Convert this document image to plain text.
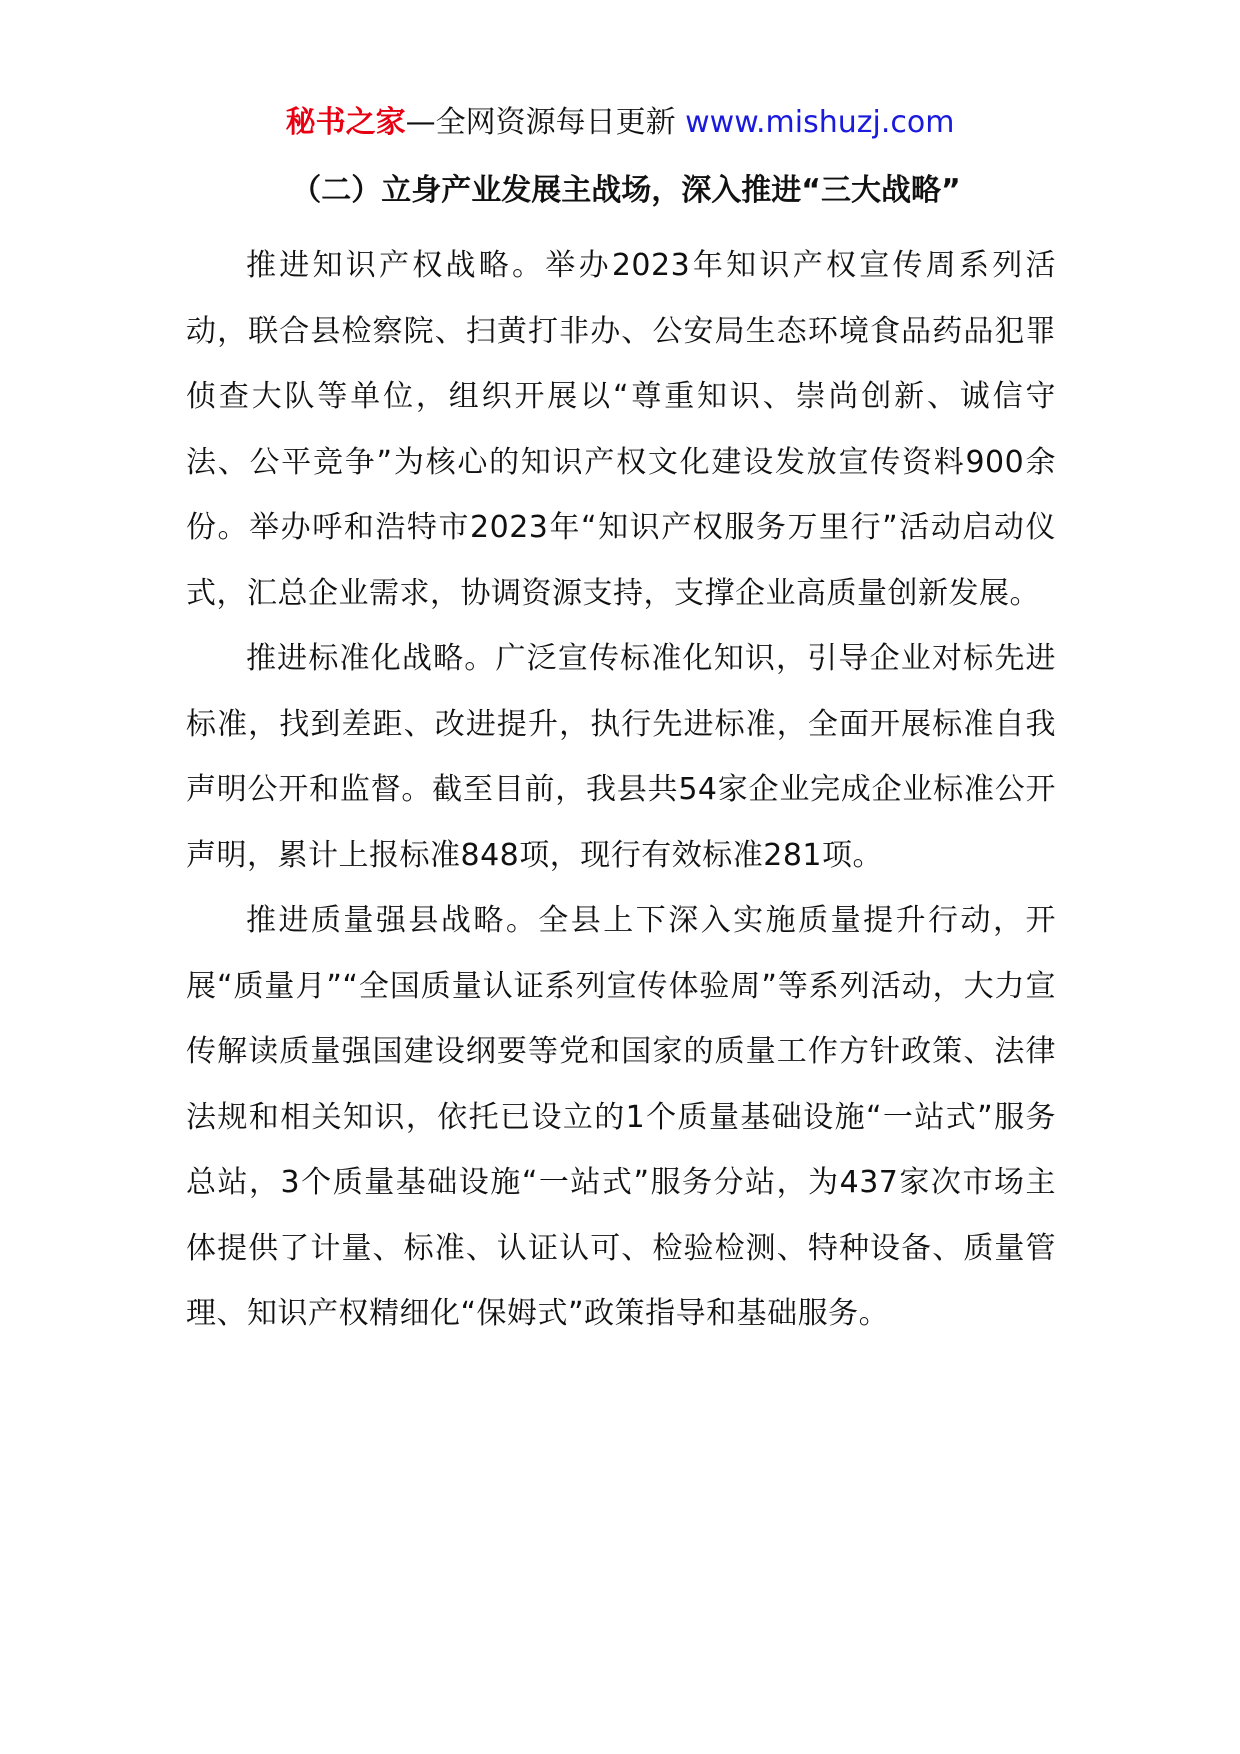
秘书之家—全网资源每日更新 www.mishuzj.com
（二）立身产业发展主战场，深入推进“三大战略”

推进知识产权战略。举办2023年知识产权宣传周系列活动，联合县检察院、扫黄打非办、公安局生态环境食品药品犯罪侦查大队等单位，组织开展以“尊重知识、崇尚创新、诚信守法、公平竞争”为核心的知识产权文化建设发放宣传资料900余份。举办呼和浩特市2023年“知识产权服务万里行”活动启动仪式，汇总企业需求，协调资源支持，支撑企业高质量创新发展。

推进标准化战略。广泛宣传标准化知识，引导企业对标先进标准，找到差距、改进提升，执行先进标准，全面开展标准自我声明公开和监督。截至目前，我县共54家企业完成企业标准公开声明，累计上报标准848项，现行有效标准281项。

推进质量强县战略。全县上下深入实施质量提升行动，开展“质量月”“全国质量认证系列宣传体验周”等系列活动，大力宣传解读质量强国建设纲要等党和国家的质量工作方针政策、法律法规和相关知识，依托已设立的1个质量基础设施“一站式”服务总站，3个质量基础设施“一站式”服务分站，为437家次市场主体提供了计量、标准、认证认可、检验检测、特种设备、质量管理、知识产权精细化“保姆式”政策指导和基础服务。
